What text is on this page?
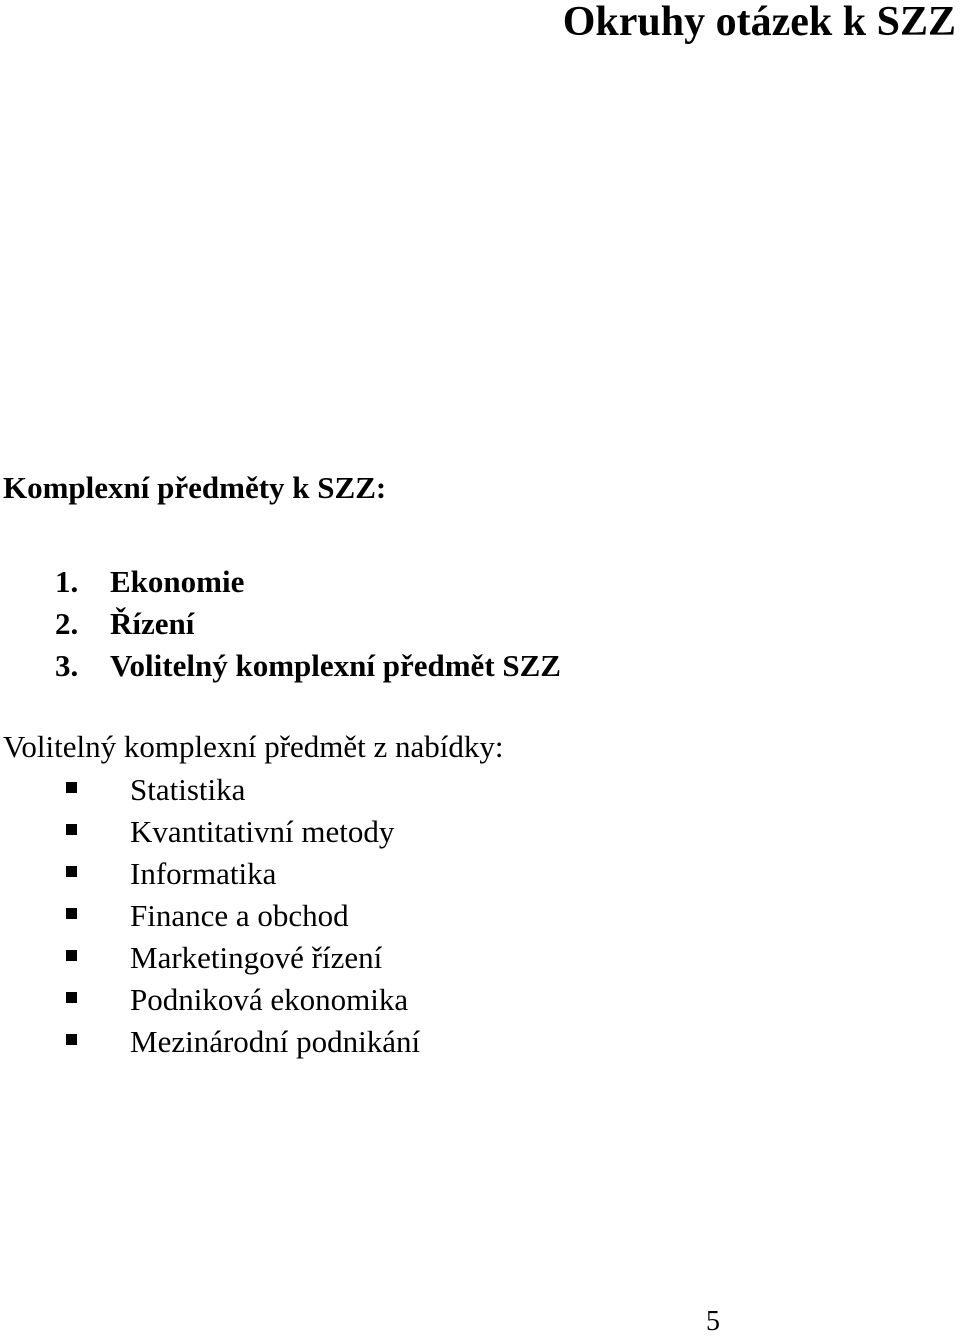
Okruhy otázek k SZZ
Komplexní předměty k SZZ:
1.	Ekonomie
2.	Řízení
3.	Volitelný komplexní předmět SZZ

Volitelný komplexní předmět z nabídky:

Statistika
Kvantitativní metody
Informatika
Finance a obchod
Marketingové řízení
Podniková ekonomika
Mezinárodní podnikání
5
